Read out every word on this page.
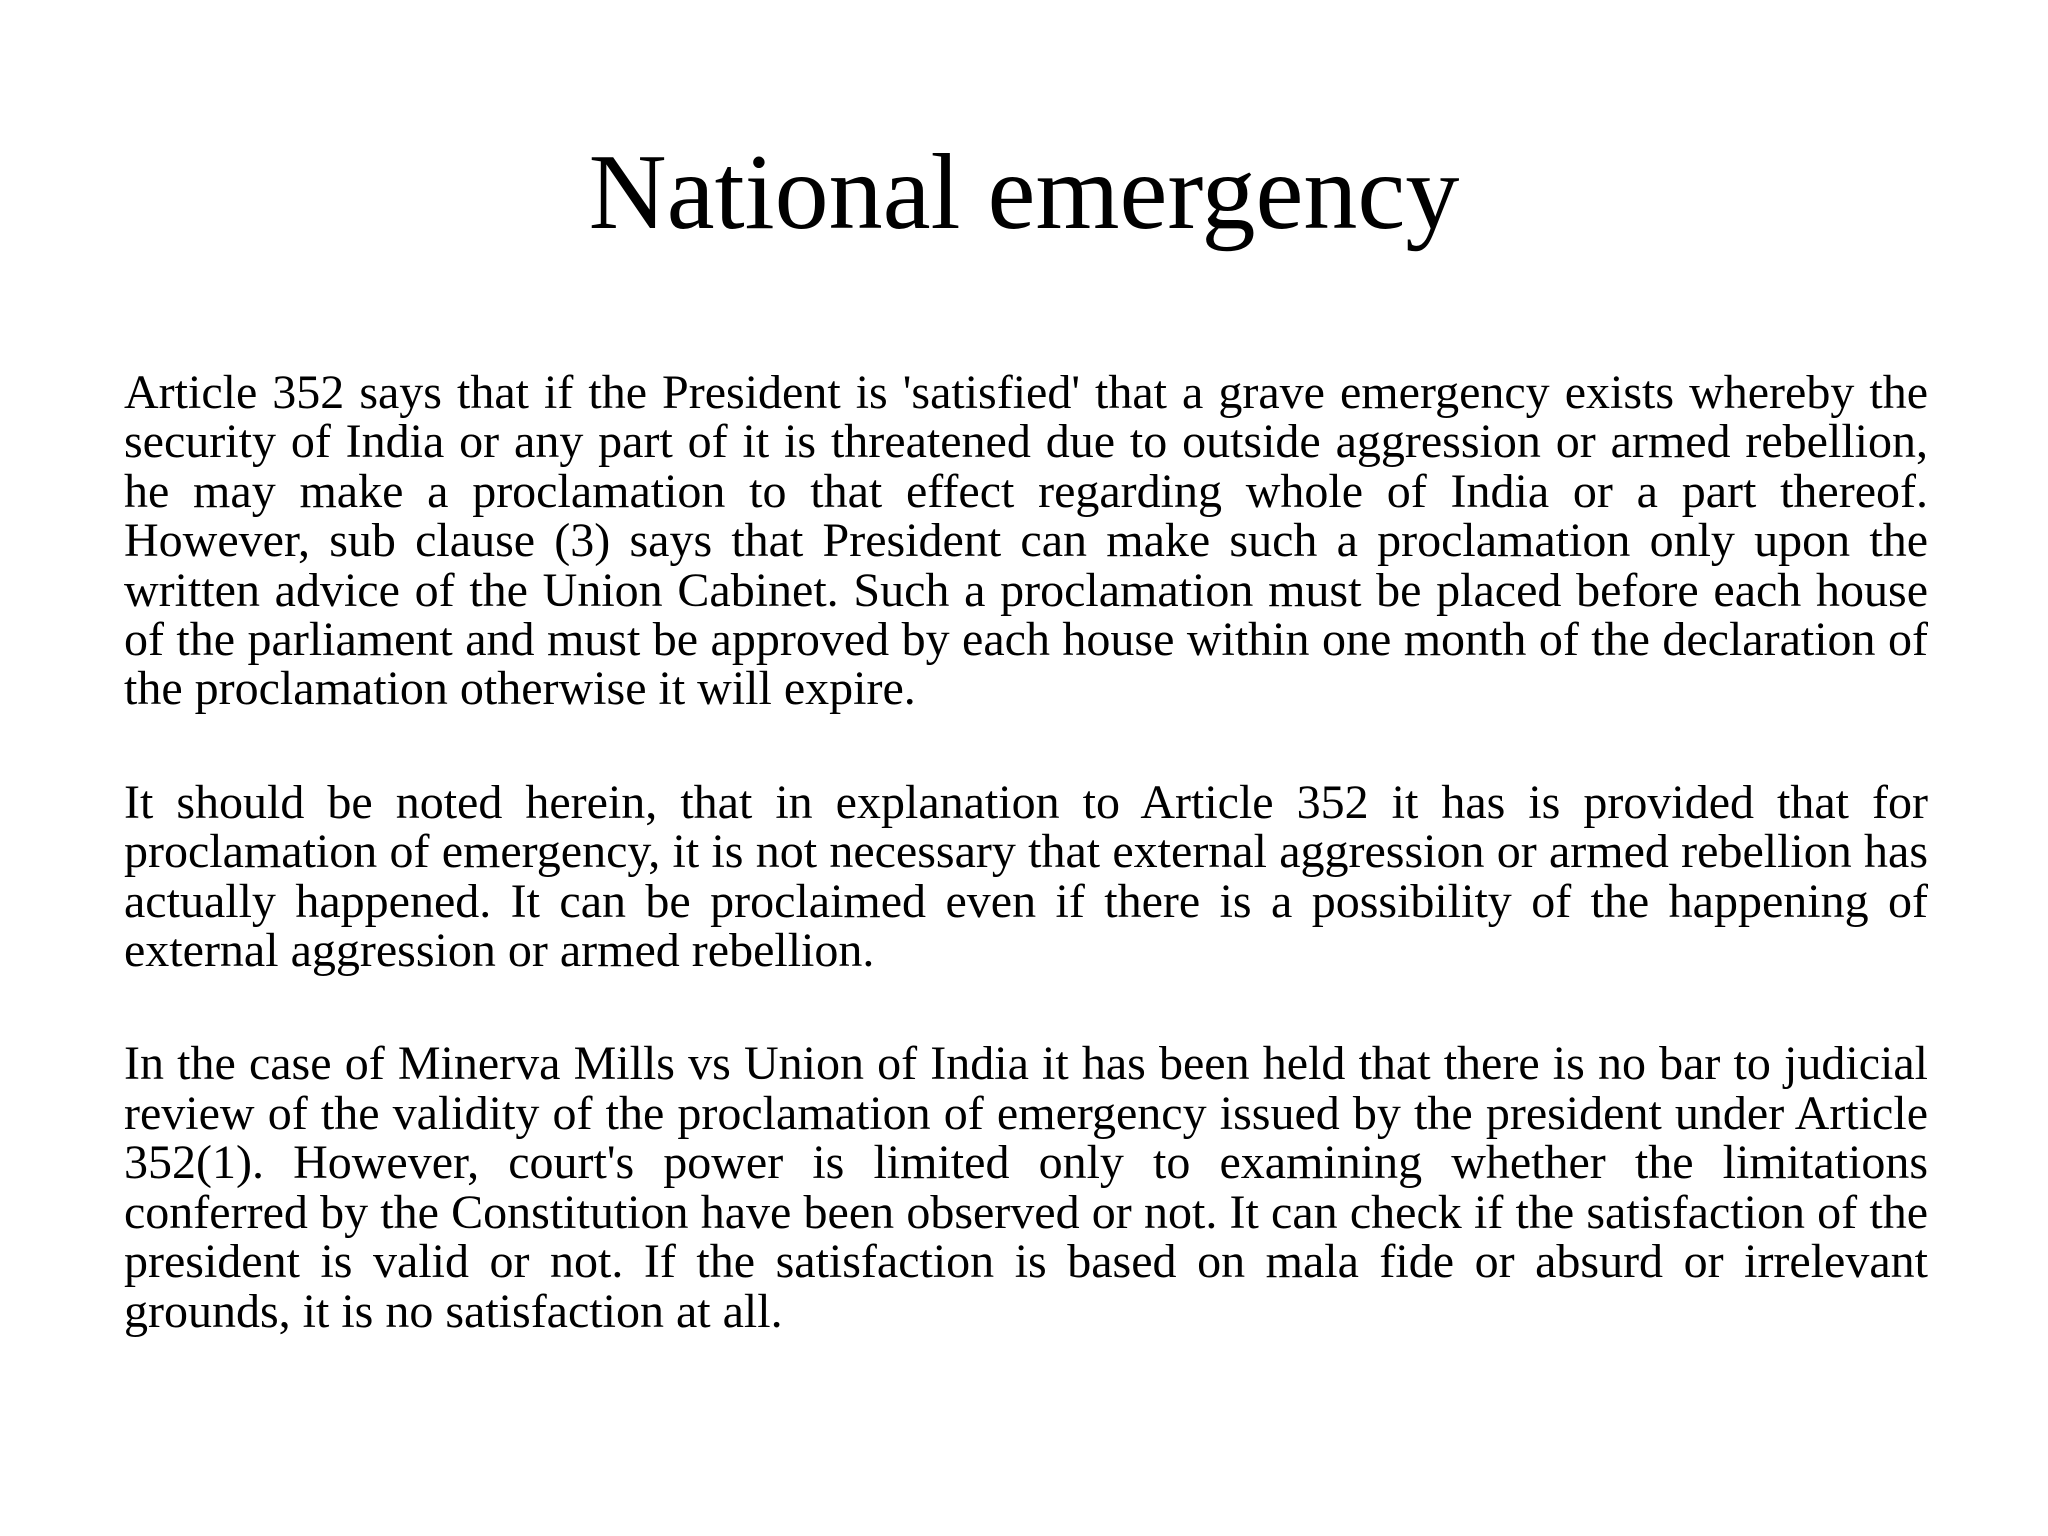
National emergency

Article 352 says that if the President is 'satisfied' that a grave emergency exists whereby the security of India or any part of it is threatened due to outside aggression or armed rebellion, he may make a proclamation to that effect regarding whole of India or a part thereof. However, sub clause (3) says that President can make such a proclamation only upon the written advice of the Union Cabinet. Such a proclamation must be placed before each house of the parliament and must be approved by each house within one month of the declaration of the proclamation otherwise it will expire.

It should be noted herein, that in explanation to Article 352 it has is provided that for proclamation of emergency, it is not necessary that external aggression or armed rebellion has actually happened. It can be proclaimed even if there is a possibility of the happening of external aggression or armed rebellion.

In the case of Minerva Mills vs Union of India it has been held that there is no bar to judicial review of the validity of the proclamation of emergency issued by the president under Article 352(1). However, court's power is limited only to examining whether the limitations conferred by the Constitution have been observed or not. It can check if the satisfaction of the president is valid or not. If the satisfaction is based on mala fide or absurd or irrelevant grounds, it is no satisfaction at all.
